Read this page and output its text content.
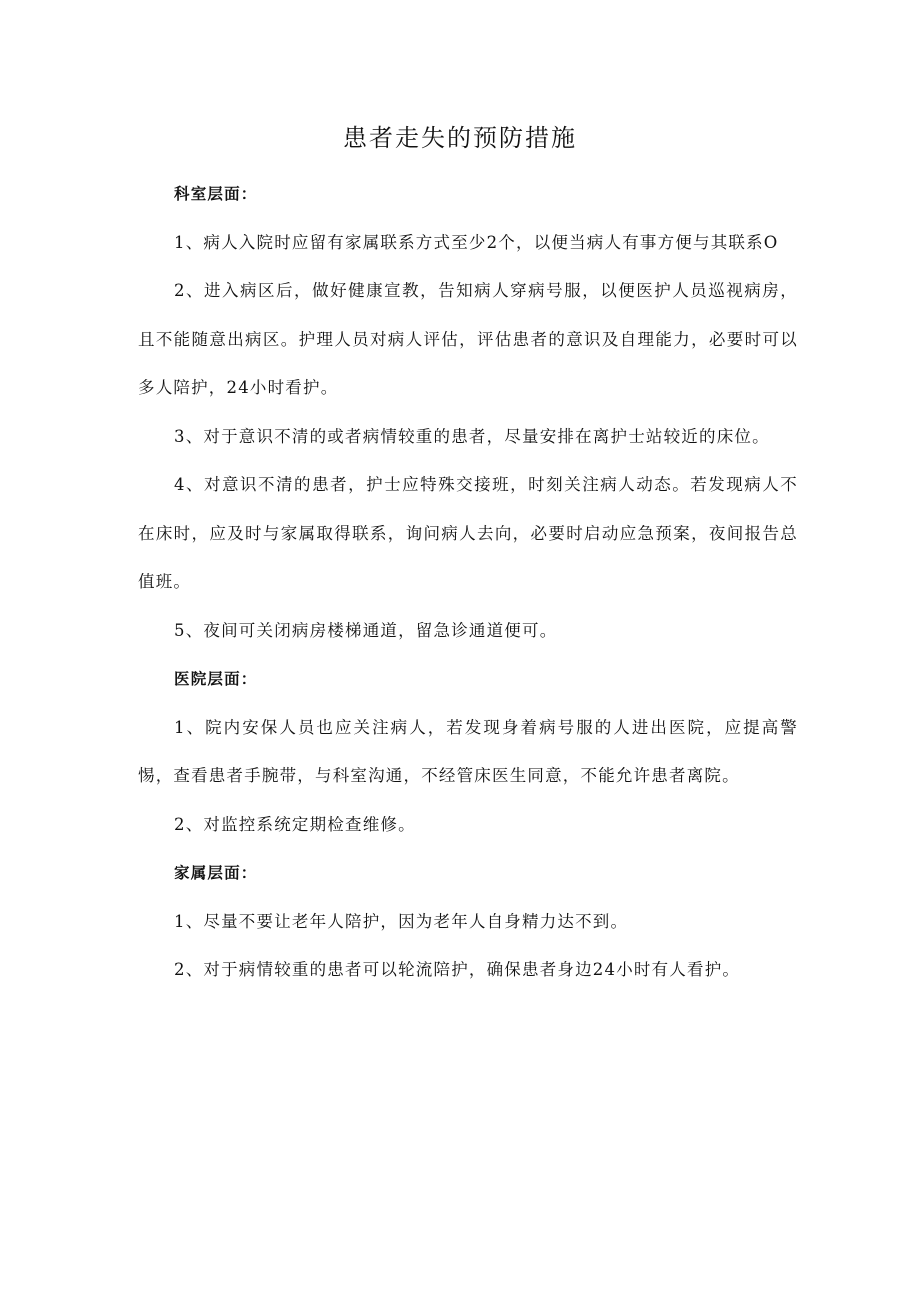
患者走失的预防措施

科室层面：

1、病人入院时应留有家属联系方式至少2个，以便当病人有事方便与其联系O

2、进入病区后，做好健康宣教，告知病人穿病号服，以便医护人员巡视病房，且不能随意出病区。护理人员对病人评估，评估患者的意识及自理能力，必要时可以多人陪护，24小时看护。

3、对于意识不清的或者病情较重的患者，尽量安排在离护士站较近的床位。

4、对意识不清的患者，护士应特殊交接班，时刻关注病人动态。若发现病人不在床时，应及时与家属取得联系，询问病人去向，必要时启动应急预案，夜间报告总值班。

5、夜间可关闭病房楼梯通道，留急诊通道便可。

医院层面：

1、院内安保人员也应关注病人，若发现身着病号服的人进出医院，应提高警惕，查看患者手腕带，与科室沟通，不经管床医生同意，不能允许患者离院。

2、对监控系统定期检查维修。

家属层面：

1、尽量不要让老年人陪护，因为老年人自身精力达不到。

2、对于病情较重的患者可以轮流陪护，确保患者身边24小时有人看护。
